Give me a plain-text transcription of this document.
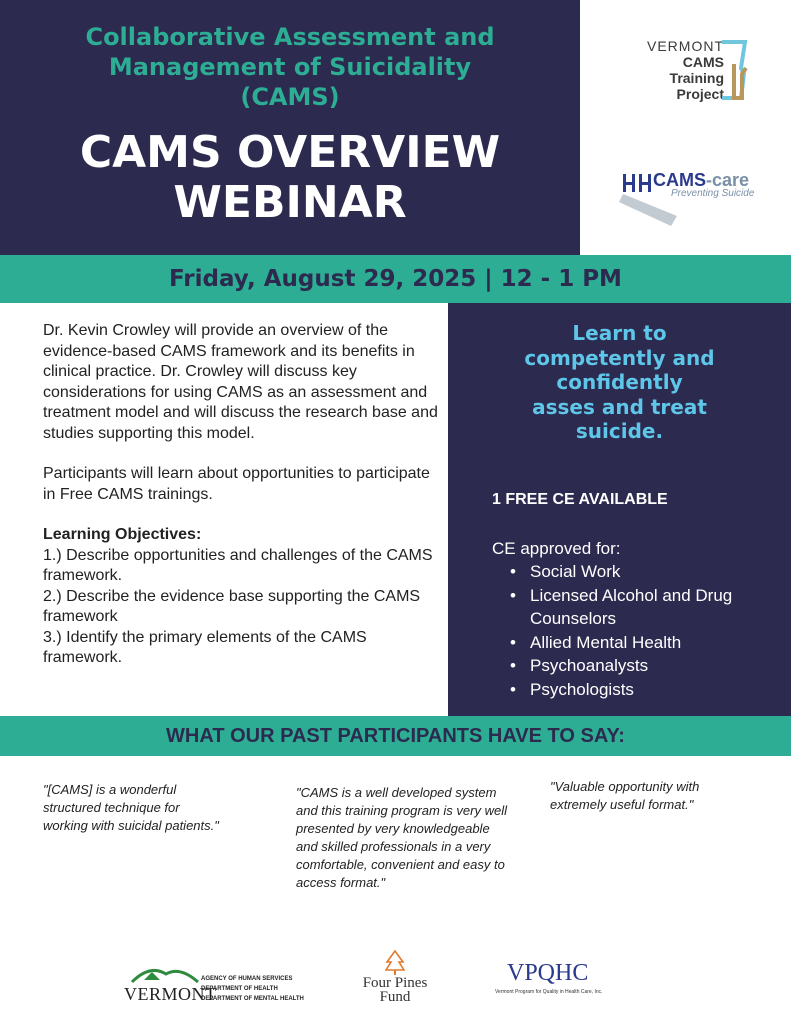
Collaborative Assessment and
Management of Suicidality
(CAMS)
CAMS OVERVIEW
WEBINAR
VERMONT
CAMS
Training
Project
CAMS-care
Preventing Suicide
Friday, August 29, 2025 | 12 - 1 PM

Dr. Kevin Crowley will provide an overview of the evidence-based CAMS framework and its benefits in clinical practice. Dr. Crowley will discuss key considerations for using CAMS as an assessment and treatment model and will discuss the research base and studies supporting this model.

Participants will learn about opportunities to participate in Free CAMS trainings.

Learning Objectives:
1.) Describe opportunities and challenges of the CAMS framework.
2.) Describe the evidence base supporting the CAMS framework
3.) Identify the primary elements of the CAMS framework.
Learn to
competently and
confidently
asses and treat
suicide.
1 FREE CE AVAILABLE
CE approved for:
• Social Work
• Licensed Alcohol and Drug Counselors
• Allied Mental Health
• Psychoanalysts
• Psychologists
WHAT OUR PAST PARTICIPANTS HAVE TO SAY:
"[CAMS] is a wonderful structured technique for working with suicidal patients."
"CAMS is a well developed system and this training program is very well presented by very knowledgeable and skilled professionals in a very comfortable, convenient and easy to access format."
"Valuable opportunity with extremely useful format."
VERMONT
AGENCY OF HUMAN SERVICES
DEPARTMENT OF HEALTH
DEPARTMENT OF MENTAL HEALTH
Four Pines
Fund
VPQHC
Vermont Program for Quality in Health Care, Inc.
